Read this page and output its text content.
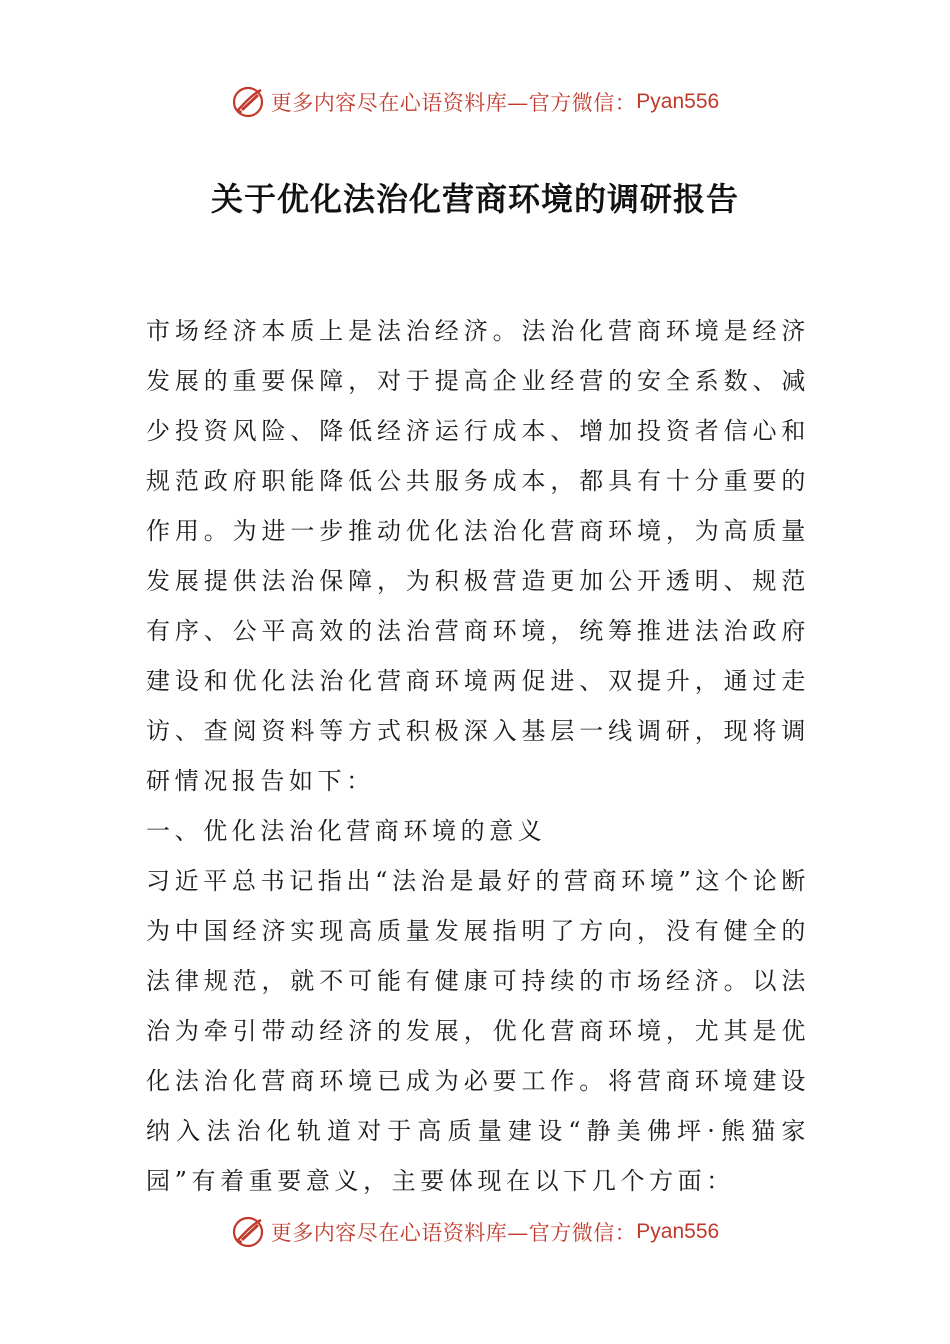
更多内容尽在心语资料库—官方微信： Pyan556
关于优化法治化营商环境的调研报告

市场经济本质上是法治经济。法治化营商环境是经济发展的重要保障，对于提高企业经营的安全系数、减少投资风险、降低经济运行成本、增加投资者信心和规范政府职能降低公共服务成本，都具有十分重要的作用。为进一步推动优化法治化营商环境，为高质量发展提供法治保障，为积极营造更加公开透明、规范有序、公平高效的法治营商环境，统筹推进法治政府建设和优化法治化营商环境两促进、双提升，通过走访、查阅资料等方式积极深入基层一线调研，现将调研情况报告如下：

一、优化法治化营商环境的意义

习近平总书记指出“法治是最好的营商环境”这个论断为中国经济实现高质量发展指明了方向，没有健全的法律规范，就不可能有健康可持续的市场经济。以法治为牵引带动经济的发展，优化营商环境，尤其是优化法治化营商环境已成为必要工作。将营商环境建设纳入法治化轨道对于高质量建设“静美佛坪·熊猫家园”有着重要意义，主要体现在以下几个方面：

更多内容尽在心语资料库—官方微信： Pyan556
